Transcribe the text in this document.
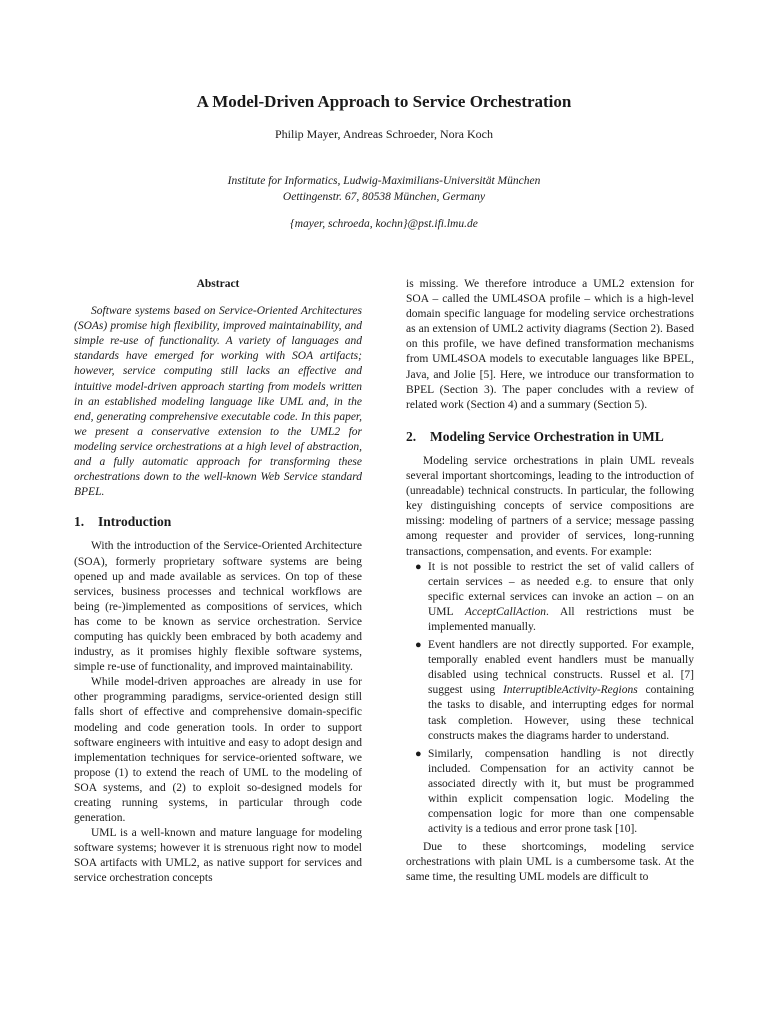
A Model-Driven Approach to Service Orchestration
Philip Mayer, Andreas Schroeder, Nora Koch
Institute for Informatics, Ludwig-Maximilians-Universität München
Oettingenstr. 67, 80538 München, Germany
{mayer, schroeda, kochn}@pst.ifi.lmu.de
Abstract

Software systems based on Service-Oriented Architectures (SOAs) promise high flexibility, improved maintainability, and simple re-use of functionality. A variety of languages and standards have emerged for working with SOA artifacts; however, service computing still lacks an effective and intuitive model-driven approach starting from models written in an established modeling language like UML and, in the end, generating comprehensive executable code. In this paper, we present a conservative extension to the UML2 for modeling service orchestrations at a high level of abstraction, and a fully automatic approach for transforming these orchestrations down to the well-known Web Service standard BPEL.

1. Introduction

With the introduction of the Service-Oriented Architecture (SOA), formerly proprietary software systems are being opened up and made available as services. On top of these services, business processes and technical workflows are being (re-)implemented as compositions of services, which has come to be known as service orchestration. Service computing has quickly been embraced by both academy and industry, as it promises highly flexible software systems, simple re-use of functionality, and improved maintainability.

While model-driven approaches are already in use for other programming paradigms, service-oriented design still falls short of effective and comprehensive domain-specific modeling and code generation tools. In order to support software engineers with intuitive and easy to adopt design and implementation techniques for service-oriented software, we propose (1) to extend the reach of UML to the modeling of SOA systems, and (2) to exploit so-designed models for creating running systems, in particular through code generation.

UML is a well-known and mature language for modeling software systems; however it is strenuous right now to model SOA artifacts with UML2, as native support for services and service orchestration concepts

is missing. We therefore introduce a UML2 extension for SOA – called the UML4SOA profile – which is a high-level domain specific language for modeling service orchestrations as an extension of UML2 activity diagrams (Section 2). Based on this profile, we have defined transformation mechanisms from UML4SOA models to executable languages like BPEL, Java, and Jolie [5]. Here, we introduce our transformation to BPEL (Section 3). The paper concludes with a review of related work (Section 4) and a summary (Section 5).

2. Modeling Service Orchestration in UML

Modeling service orchestrations in plain UML reveals several important shortcomings, leading to the introduction of (unreadable) technical constructs. In particular, the following key distinguishing concepts of service compositions are missing: modeling of partners of a service; message passing among requester and provider of services, long-running transactions, compensation, and events. For example:

● It is not possible to restrict the set of valid callers of certain services – as needed e.g. to ensure that only specific external services can invoke an action – on an UML AcceptCallAction. All restrictions must be implemented manually.
● Event handlers are not directly supported. For example, temporally enabled event handlers must be manually disabled using technical constructs. Russel et al. [7] suggest using InterruptibleActivity-Regions containing the tasks to disable, and interrupting edges for normal task completion. However, using these technical constructs makes the diagrams harder to understand.
● Similarly, compensation handling is not directly included. Compensation for an activity cannot be associated directly with it, but must be programmed within explicit compensation logic. Modeling the compensation logic for more than one compensable activity is a tedious and error prone task [10].

Due to these shortcomings, modeling service orchestrations with plain UML is a cumbersome task. At the same time, the resulting UML models are difficult to
